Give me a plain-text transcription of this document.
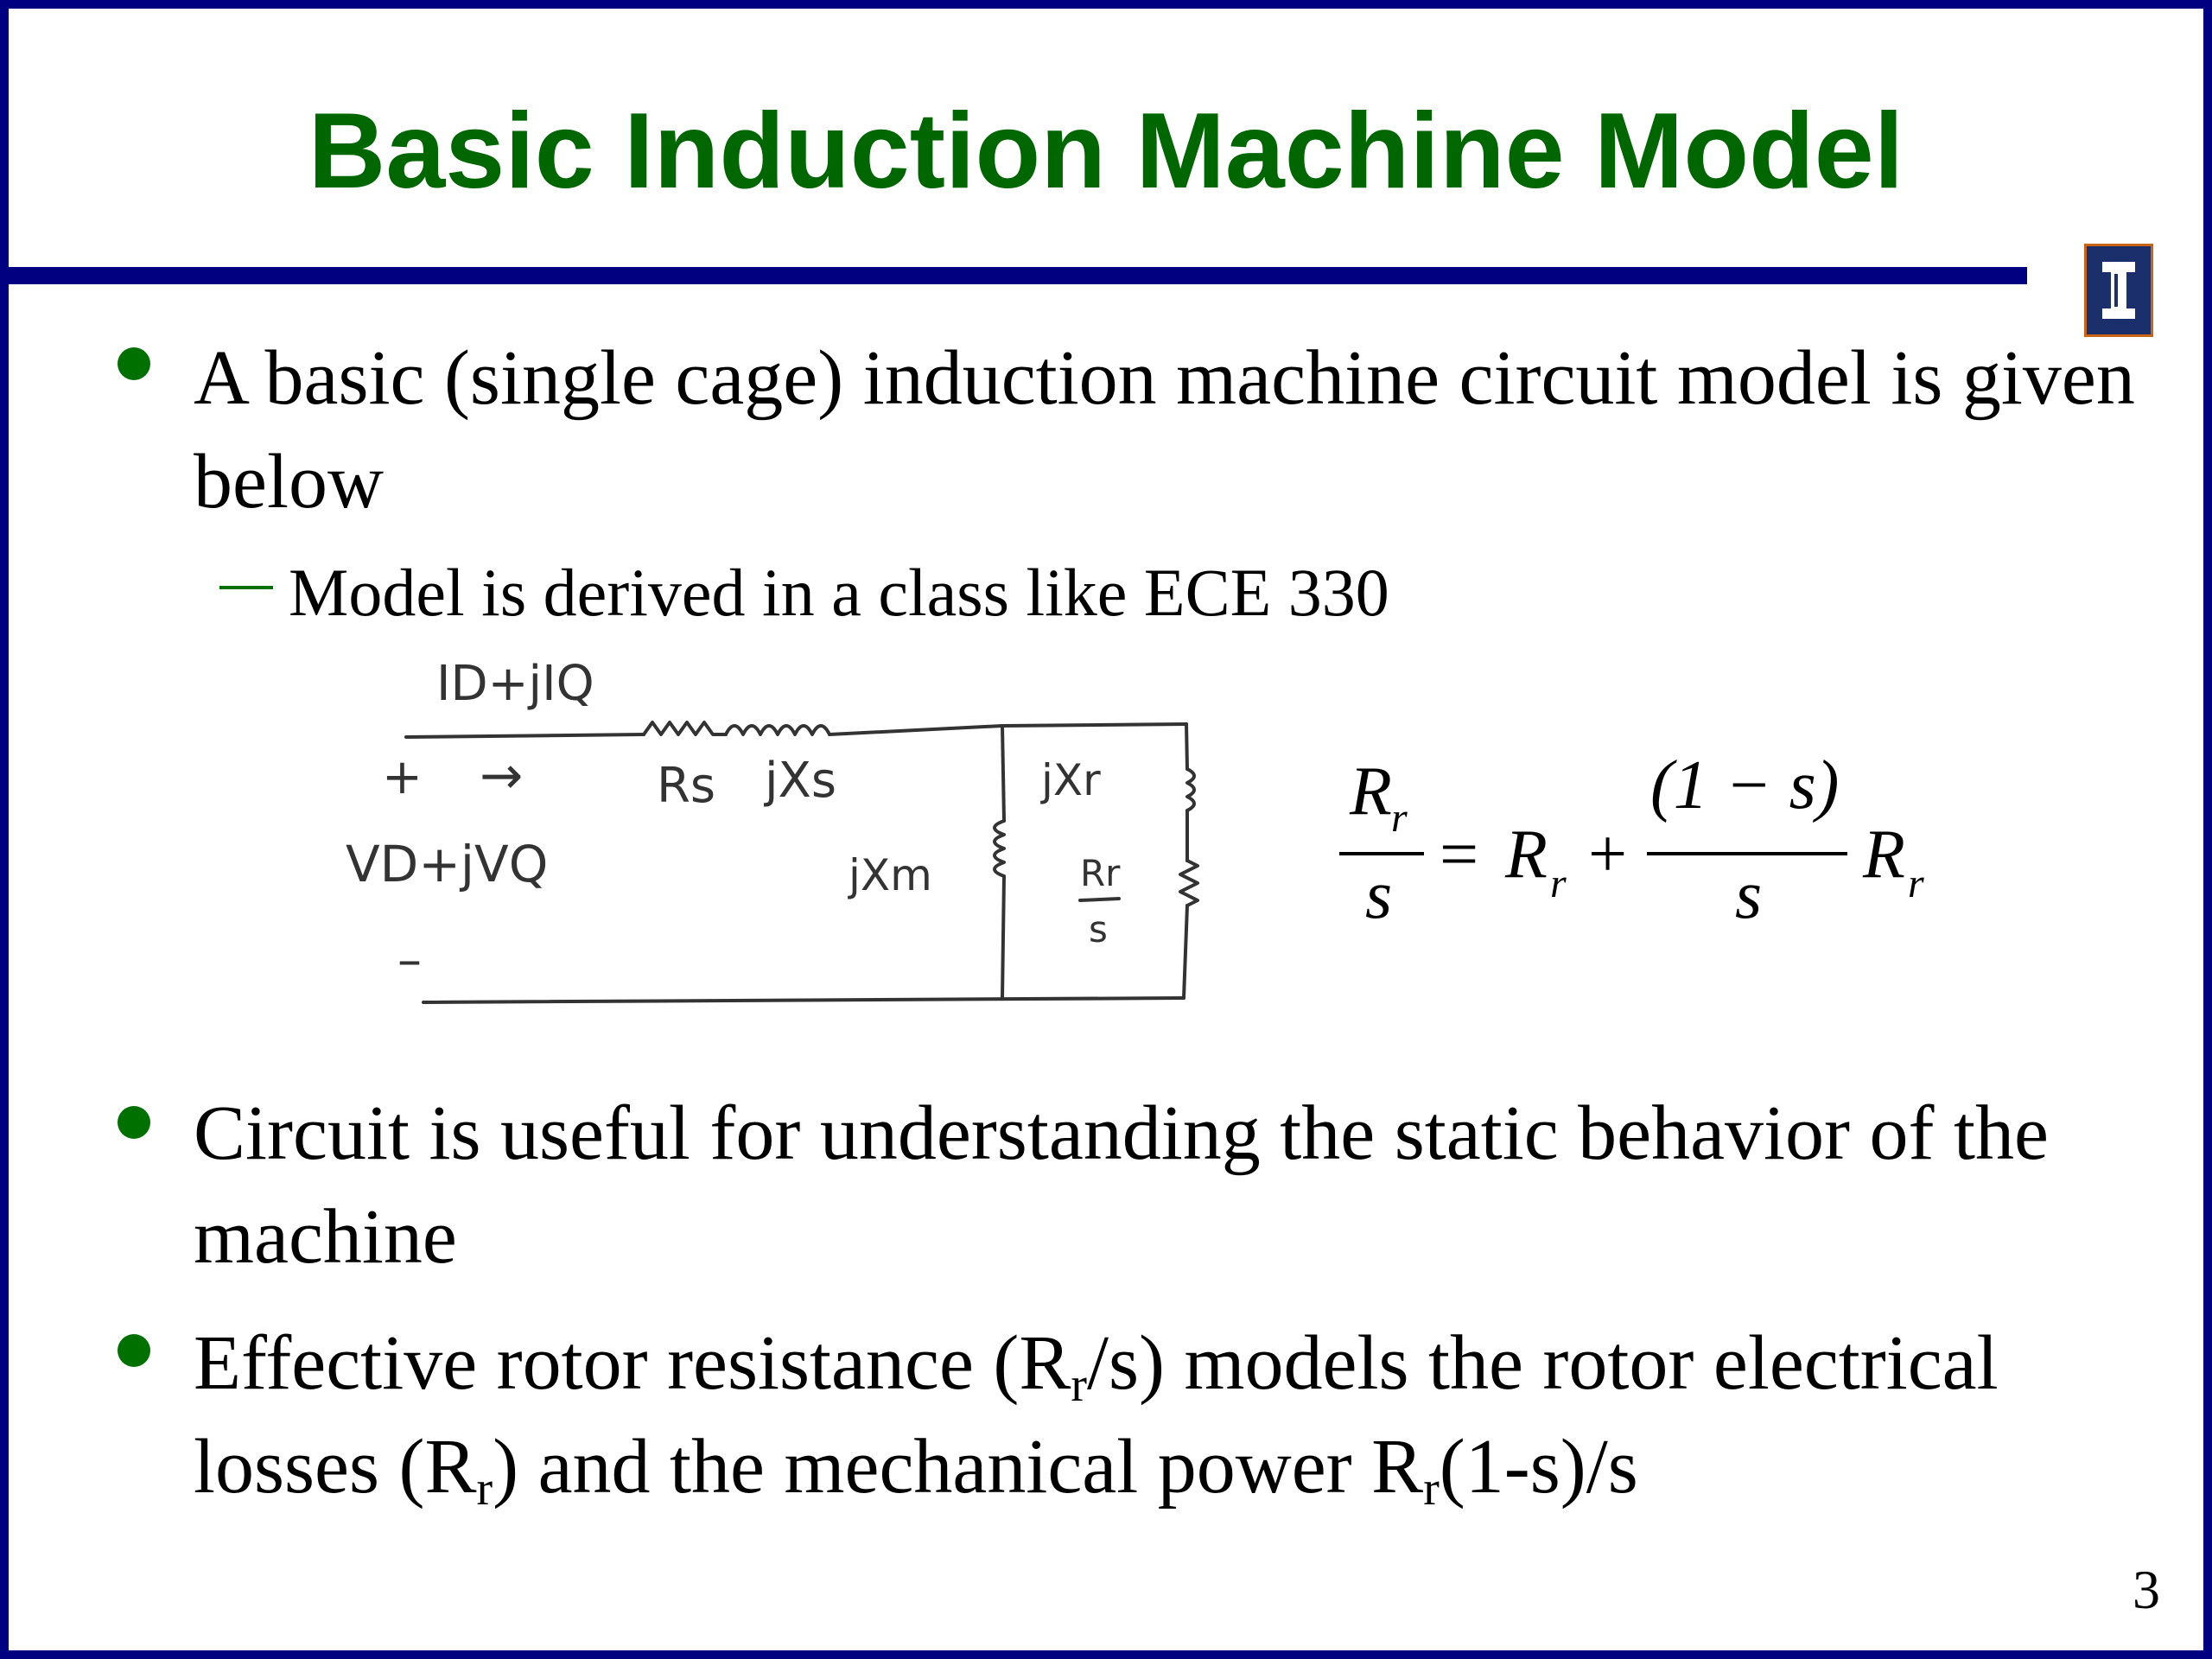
Basic Induction Machine Model
A basic (single cage) induction machine circuit model is given below
Model is derived in a class like ECE 330
ID+jIQ
+ →	Rs jXs
VD+jVQ	jXm
jXr
Rr
s
–
R r
s
= R r +
(1 − s)
s
R r
Circuit is useful for understanding the static behavior of the machine
Effective rotor resistance $(R_r/s)$ models the rotor electrical losses $(R_r)$ and the mechanical power $R_r(1-s)/s$
3
